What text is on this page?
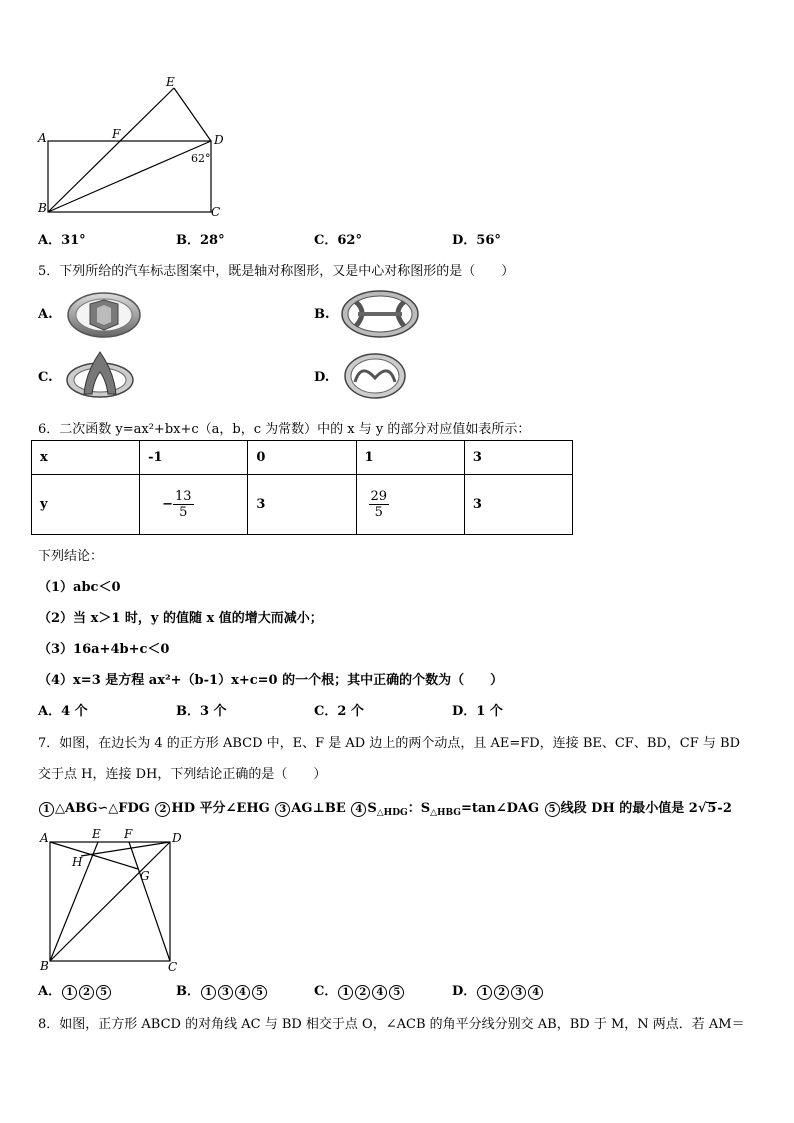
E
A	F	D
B	C
62°
A．31°	B．28°	C．62°	D．56°
5．下列所给的汽车标志图案中，既是轴对称图形，又是中心对称图形的是（　　）
A.	B.
C.	D.
6．二次函数 y=ax²+bx+c（a，b，c 为常数）中的 x 与 y 的部分对应值如表所示：
x	-1	0	1	3
y	− $\frac{13}{5}$	3	$\frac{29}{5}$	3
下列结论：
（1）abc＜0
（2）当 x＞1 时，y 的值随 x 值的增大而减小；
（3）16a+4b+c＜0
（4）x=3 是方程 ax²+（b-1）x+c=0 的一个根；其中正确的个数为（　　）
A．4 个	B．3 个	C．2 个	D．1 个
7．如图，在边长为 4 的正方形 ABCD 中，E、F 是 AD 边上的两个动点，且 AE=FD，连接 BE、CF、BD，CF 与 BD
交于点 H，连接 DH，下列结论正确的是（　　）
1 △ABG∽△FDG 2 HD 平分∠EHG 3 AG⊥BE 4 $S_{\triangle HDG}$：$S_{\triangle HBG}=\tan\angle DAG$ 5 线段 DH 的最小值是 2√5-2
A	E F	D
H
G
B	C
A． 1 2 5	B． 1 3 4 5	C． 1 2 4 5	D． 1 2 3 4
8．如图，正方形 ABCD 的对角线 AC 与 BD 相交于点 O，∠ACB 的角平分线分别交 AB，BD 于 M，N 两点．若 AM＝
